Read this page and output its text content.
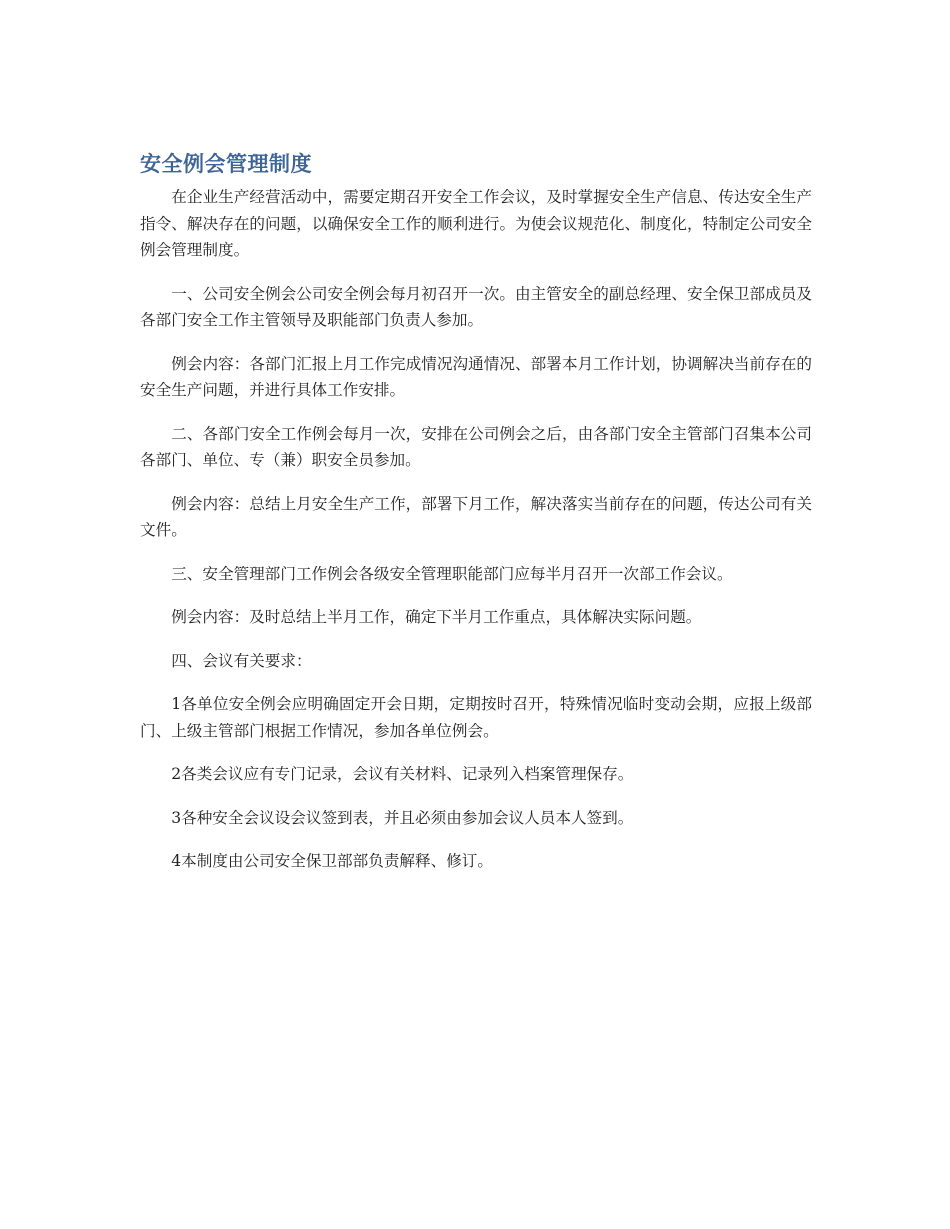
安全例会管理制度

在企业生产经营活动中，需要定期召开安全工作会议，及时掌握安全生产信息、传达安全生产指令、解决存在的问题，以确保安全工作的顺利进行。为使会议规范化、制度化，特制定公司安全例会管理制度。

一、公司安全例会公司安全例会每月初召开一次。由主管安全的副总经理、安全保卫部成员及各部门安全工作主管领导及职能部门负责人参加。

例会内容：各部门汇报上月工作完成情况沟通情况、部署本月工作计划，协调解决当前存在的安全生产问题，并进行具体工作安排。

二、各部门安全工作例会每月一次，安排在公司例会之后，由各部门安全主管部门召集本公司各部门、单位、专（兼）职安全员参加。

例会内容：总结上月安全生产工作，部署下月工作，解决落实当前存在的问题，传达公司有关文件。

三、安全管理部门工作例会各级安全管理职能部门应每半月召开一次部工作会议。

例会内容：及时总结上半月工作，确定下半月工作重点，具体解决实际问题。

四、会议有关要求：

1各单位安全例会应明确固定开会日期，定期按时召开，特殊情况临时变动会期，应报上级部门、上级主管部门根据工作情况，参加各单位例会。

2各类会议应有专门记录，会议有关材料、记录列入档案管理保存。

3各种安全会议设会议签到表，并且必须由参加会议人员本人签到。

4本制度由公司安全保卫部部负责解释、修订。
